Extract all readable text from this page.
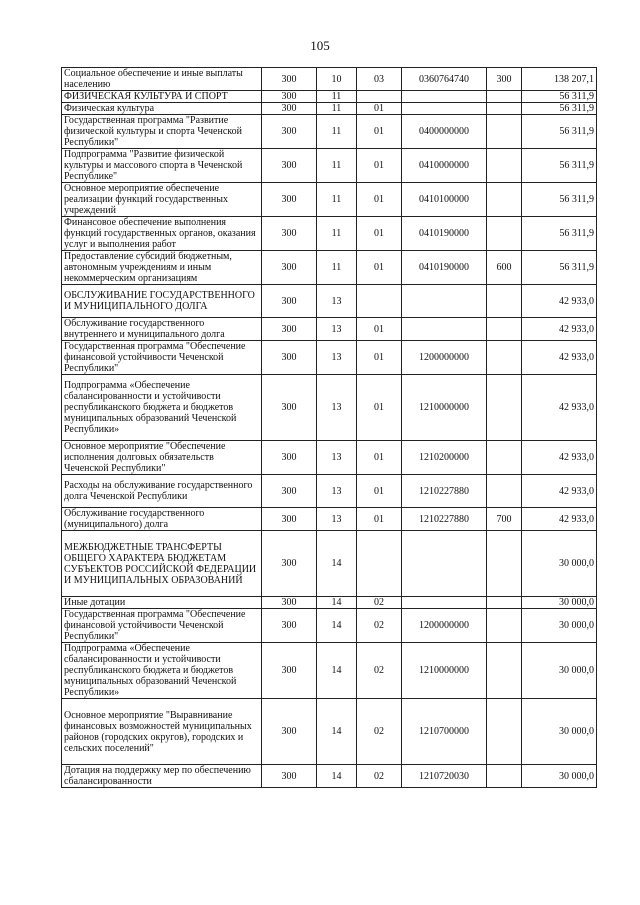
105
Социальное обеспечение и иные выплаты населению	300	10	03	0360764740	300	138 207,1
ФИЗИЧЕСКАЯ КУЛЬТУРА И СПОРТ	300	11				56 311,9
Физическая культура	300	11	01			56 311,9
Государственная программа "Развитие физической культуры и спорта Чеченской Республики"	300	11	01	0400000000		56 311,9
Подпрограмма "Развитие физической культуры и массового спорта в Чеченской Республике"	300	11	01	0410000000		56 311,9
Основное мероприятие обеспечение реализации функций государственных учреждений	300	11	01	0410100000		56 311,9
Финансовое обеспечение выполнения функций государственных органов, оказания услуг и выполнения работ	300	11	01	0410190000		56 311,9
Предоставление субсидий бюджетным, автономным учреждениям и иным некоммерческим организациям	300	11	01	0410190000	600	56 311,9
ОБСЛУЖИВАНИЕ ГОСУДАРСТВЕННОГО И МУНИЦИПАЛЬНОГО ДОЛГА	300	13				42 933,0
Обслуживание государственного внутреннего и муниципального долга	300	13	01			42 933,0
Государственная программа "Обеспечение финансовой устойчивости Чеченской Республики"	300	13	01	1200000000		42 933,0
Подпрограмма «Обеспечение сбалансированности и устойчивости республиканского бюджета и бюджетов муниципальных образований Чеченской Республики»	300	13	01	1210000000		42 933,0
Основное мероприятие "Обеспечение исполнения долговых обязательств Чеченской Республики"	300	13	01	1210200000		42 933,0
Расходы на обслуживание государственного долга Чеченской Республики	300	13	01	1210227880		42 933,0
Обслуживание государственного (муниципального) долга	300	13	01	1210227880	700	42 933,0
МЕЖБЮДЖЕТНЫЕ ТРАНСФЕРТЫ ОБЩЕГО ХАРАКТЕРА БЮДЖЕТАМ СУБЪЕКТОВ РОССИЙСКОЙ ФЕДЕРАЦИИ И МУНИЦИПАЛЬНЫХ ОБРАЗОВАНИЙ	300	14				30 000,0
Иные дотации	300	14	02			30 000,0
Государственная программа "Обеспечение финансовой устойчивости Чеченской Республики"	300	14	02	1200000000		30 000,0
Подпрограмма «Обеспечение сбалансированности и устойчивости республиканского бюджета и бюджетов муниципальных образований Чеченской Республики»	300	14	02	1210000000		30 000,0
Основное мероприятие "Выравнивание финансовых возможностей муниципальных районов (городских округов), городских и сельских поселений"	300	14	02	1210700000		30 000,0
Дотация на поддержку мер по обеспечению сбалансированности	300	14	02	1210720030		30 000,0
